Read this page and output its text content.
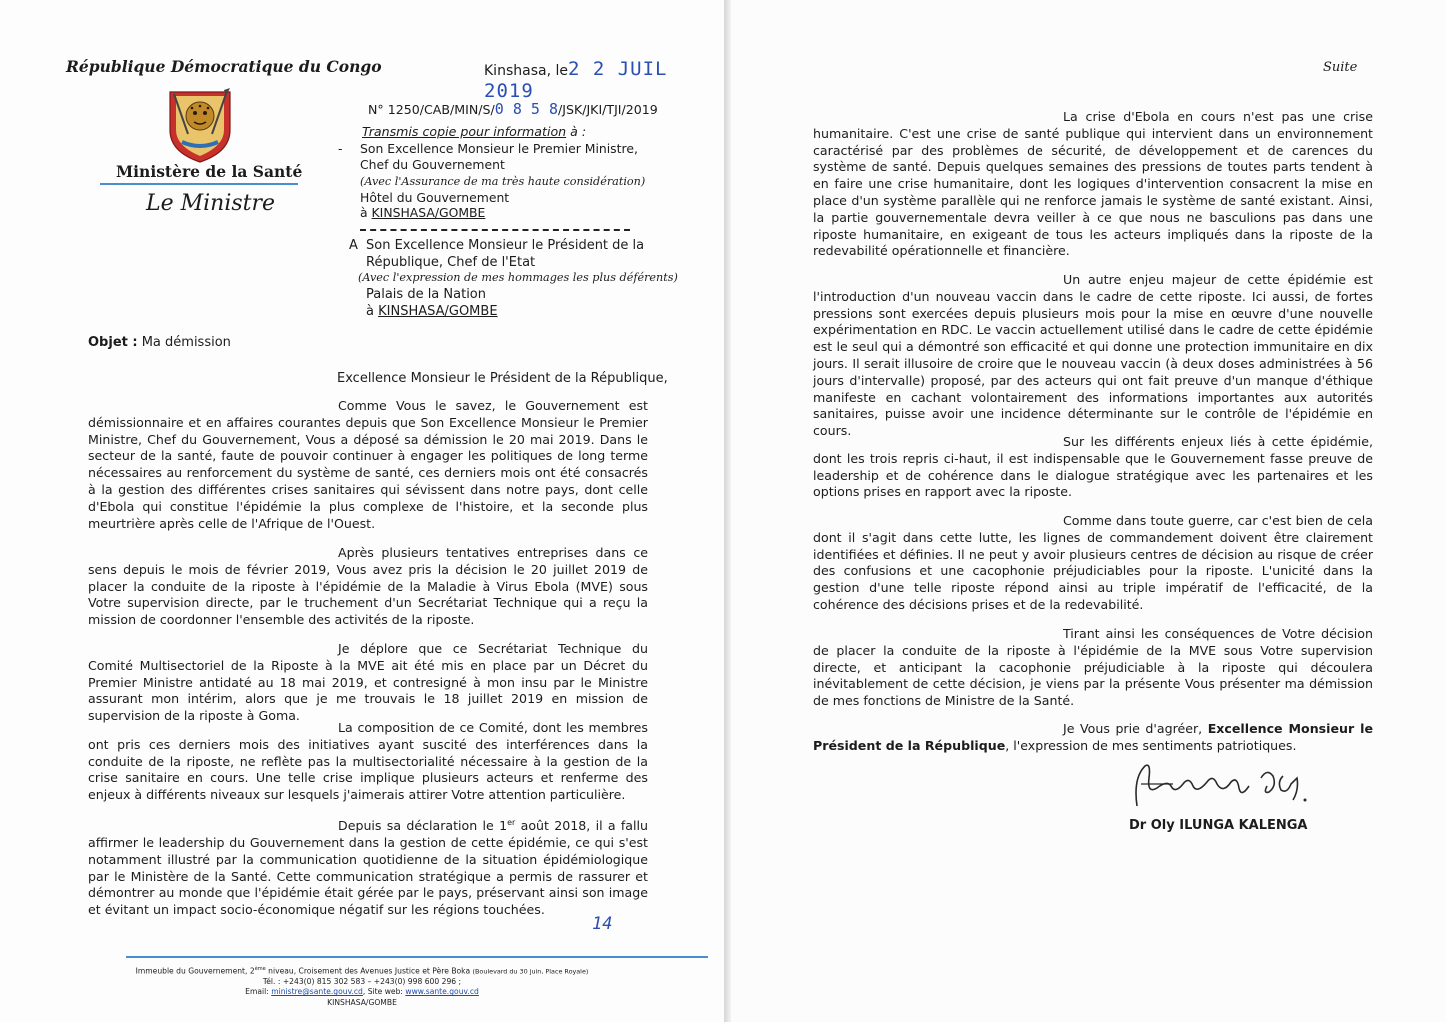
République Démocratique du Congo
Ministère de la Santé
Le Ministre
Kinshasa, le2 2 JUIL 2019
N° 1250/CAB/MIN/S/0 8 5 8/JSK/JKI/TJI/2019
Transmis copie pour information à :
- Son Excellence Monsieur le Premier Ministre,
Chef du Gouvernement
(Avec l'Assurance de ma très haute considération)
Hôtel du Gouvernement
à KINSHASA/GOMBE
A Son Excellence Monsieur le Président de la
République, Chef de l'Etat
(Avec l'expression de mes hommages les plus déférents)
Palais de la Nation
à KINSHASA/GOMBE
Objet : Ma démission
Excellence Monsieur le Président de la République,

Comme Vous le savez, le Gouvernement est démissionnaire et en affaires courantes depuis que Son Excellence Monsieur le Premier Ministre, Chef du Gouvernement, Vous a déposé sa démission le 20 mai 2019. Dans le secteur de la santé, faute de pouvoir continuer à engager les politiques de long terme nécessaires au renforcement du système de santé, ces derniers mois ont été consacrés à la gestion des différentes crises sanitaires qui sévissent dans notre pays, dont celle d'Ebola qui constitue l'épidémie la plus complexe de l'histoire, et la seconde plus meurtrière après celle de l'Afrique de l'Ouest.

Après plusieurs tentatives entreprises dans ce sens depuis le mois de février 2019, Vous avez pris la décision le 20 juillet 2019 de placer la conduite de la riposte à l'épidémie de la Maladie à Virus Ebola (MVE) sous Votre supervision directe, par le truchement d'un Secrétariat Technique qui a reçu la mission de coordonner l'ensemble des activités de la riposte.

Je déplore que ce Secrétariat Technique du Comité Multisectoriel de la Riposte à la MVE ait été mis en place par un Décret du Premier Ministre antidaté au 18 mai 2019, et contresigné à mon insu par le Ministre assurant mon intérim, alors que je me trouvais le 18 juillet 2019 en mission de supervision de la riposte à Goma.

La composition de ce Comité, dont les membres ont pris ces derniers mois des initiatives ayant suscité des interférences dans la conduite de la riposte, ne reflète pas la multisectorialité nécessaire à la gestion de la crise sanitaire en cours. Une telle crise implique plusieurs acteurs et renferme des enjeux à différents niveaux sur lesquels j'aimerais attirer Votre attention particulière.

Depuis sa déclaration le 1er août 2018, il a fallu affirmer le leadership du Gouvernement dans la gestion de cette épidémie, ce qui s'est notamment illustré par la communication quotidienne de la situation épidémiologique par le Ministère de la Santé. Cette communication stratégique a permis de rassurer et démontrer au monde que l'épidémie était gérée par le pays, préservant ainsi son image et évitant un impact socio-économique négatif sur les régions touchées.

14
Immeuble du Gouvernement, 2ème niveau, Croisement des Avenues Justice et Père Boka (Boulevard du 30 juin, Place Royale)
Tél. : +243(0) 815 302 583 – +243(0) 998 600 296 ;
Email: ministre@sante.gouv.cd, Site web: www.sante.gouv.cd
KINSHASA/GOMBE
Suite

La crise d'Ebola en cours n'est pas une crise humanitaire. C'est une crise de santé publique qui intervient dans un environnement caractérisé par des problèmes de sécurité, de développement et de carences du système de santé. Depuis quelques semaines des pressions de toutes parts tendent à en faire une crise humanitaire, dont les logiques d'intervention consacrent la mise en place d'un système parallèle qui ne renforce jamais le système de santé existant. Ainsi, la partie gouvernementale devra veiller à ce que nous ne basculions pas dans une riposte humanitaire, en exigeant de tous les acteurs impliqués dans la riposte de la redevabilité opérationnelle et financière.

Un autre enjeu majeur de cette épidémie est l'introduction d'un nouveau vaccin dans le cadre de cette riposte. Ici aussi, de fortes pressions sont exercées depuis plusieurs mois pour la mise en œuvre d'une nouvelle expérimentation en RDC. Le vaccin actuellement utilisé dans le cadre de cette épidémie est le seul qui a démontré son efficacité et qui donne une protection immunitaire en dix jours. Il serait illusoire de croire que le nouveau vaccin (à deux doses administrées à 56 jours d'intervalle) proposé, par des acteurs qui ont fait preuve d'un manque d'éthique manifeste en cachant volontairement des informations importantes aux autorités sanitaires, puisse avoir une incidence déterminante sur le contrôle de l'épidémie en cours.

Sur les différents enjeux liés à cette épidémie, dont les trois repris ci-haut, il est indispensable que le Gouvernement fasse preuve de leadership et de cohérence dans le dialogue stratégique avec les partenaires et les options prises en rapport avec la riposte.

Comme dans toute guerre, car c'est bien de cela dont il s'agit dans cette lutte, les lignes de commandement doivent être clairement identifiées et définies. Il ne peut y avoir plusieurs centres de décision au risque de créer des confusions et une cacophonie préjudiciables pour la riposte. L'unicité dans la gestion d'une telle riposte répond ainsi au triple impératif de l'efficacité, de la cohérence des décisions prises et de la redevabilité.

Tirant ainsi les conséquences de Votre décision de placer la conduite de la riposte à l'épidémie de la MVE sous Votre supervision directe, et anticipant la cacophonie préjudiciable à la riposte qui découlera inévitablement de cette décision, je viens par la présente Vous présenter ma démission de mes fonctions de Ministre de la Santé.

Je Vous prie d'agréer, Excellence Monsieur le Président de la République, l'expression de mes sentiments patriotiques.

Dr Oly ILUNGA KALENGA
